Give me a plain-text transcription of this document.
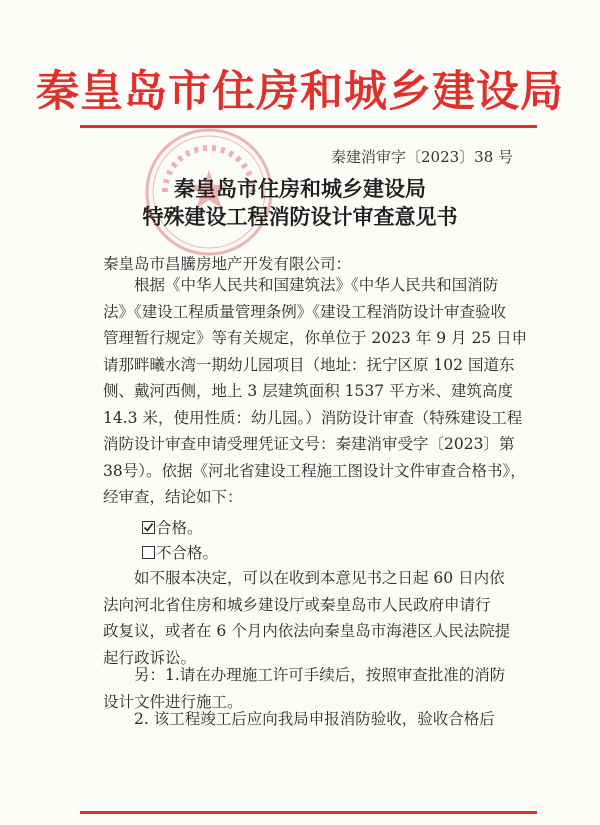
秦皇岛市住房和城乡建设局
秦建消审字〔2023〕38 号
秦皇岛市住房和城乡建设局
特殊建设工程消防设计审查意见书
秦皇岛市昌騰房地产开发有限公司：
根据《中华人民共和国建筑法》《中华人民共和国消防
法》《建设工程质量管理条例》《建设工程消防设计审查验收
管理暂行规定》等有关规定，你单位于 2023 年 9 月 25 日申
请那畔曦水湾一期幼儿园项目（地址：抚宁区原 102 国道东
侧、戴河西侧，地上 3 层建筑面积 1537 平方米、建筑高度
14.3 米，使用性质：幼儿园。）消防设计审查（特殊建设工程
消防设计审查申请受理凭证文号：秦建消审受字〔2023〕第
38号）。依据《河北省建设工程施工图设计文件审查合格书》，
经审查，结论如下：
合格。
不合格。
如不服本决定，可以在收到本意见书之日起 60 日内依
法向河北省住房和城乡建设厅或秦皇岛市人民政府申请行
政复议，或者在 6 个月内依法向秦皇岛市海港区人民法院提
起行政诉讼。
另：1.请在办理施工许可手续后，按照审查批准的消防
设计文件进行施工。
2. 该工程竣工后应向我局申报消防验收，验收合格后
